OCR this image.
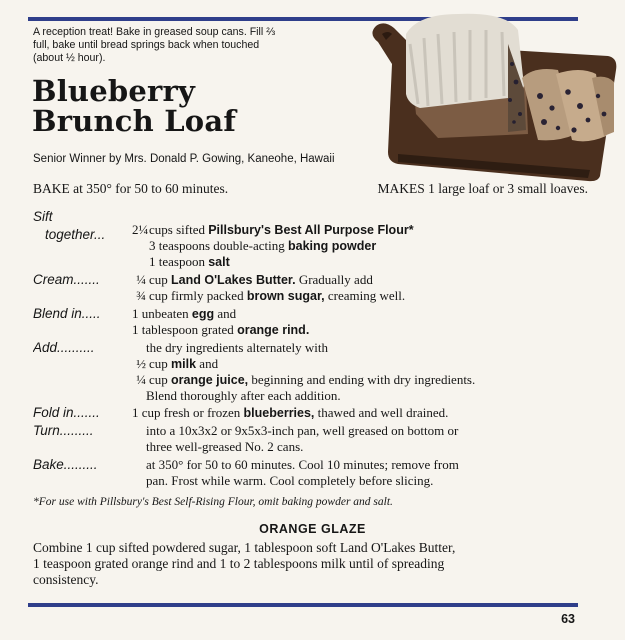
A reception treat! Bake in greased soup cans. Fill ⅔
full, bake until bread springs back when touched
(about ½ hour).
Blueberry
Brunch Loaf
Senior Winner by Mrs. Donald P. Gowing, Kaneohe, Hawaii
BAKE at 350° for 50 to 60 minutes.	MAKES 1 large loaf or 3 small loaves.
Sift
together...	2¼ cups sifted Pillsbury's Best All Purpose Flour*
3 teaspoons double-acting baking powder
1 teaspoon salt
Cream.......	¼ cup Land O'Lakes Butter. Gradually add
¾ cup firmly packed brown sugar, creaming well.
Blend in.....	1 unbeaten egg and
1 tablespoon grated orange rind.
Add..........	the dry ingredients alternately with
½ cup milk and
¼ cup orange juice, beginning and ending with dry ingredients.
Blend thoroughly after each addition.
Fold in.......	1 cup fresh or frozen blueberries, thawed and well drained.
Turn.........	into a 10x3x2 or 9x5x3-inch pan, well greased on bottom or
three well-greased No. 2 cans.
Bake.........	at 350° for 50 to 60 minutes. Cool 10 minutes; remove from
pan. Frost while warm. Cool completely before slicing.
*For use with Pillsbury's Best Self-Rising Flour, omit baking powder and salt.
ORANGE GLAZE
Combine 1 cup sifted powdered sugar, 1 tablespoon soft Land O'Lakes Butter,
1 teaspoon grated orange rind and 1 to 2 tablespoons milk until of spreading
consistency.
63
